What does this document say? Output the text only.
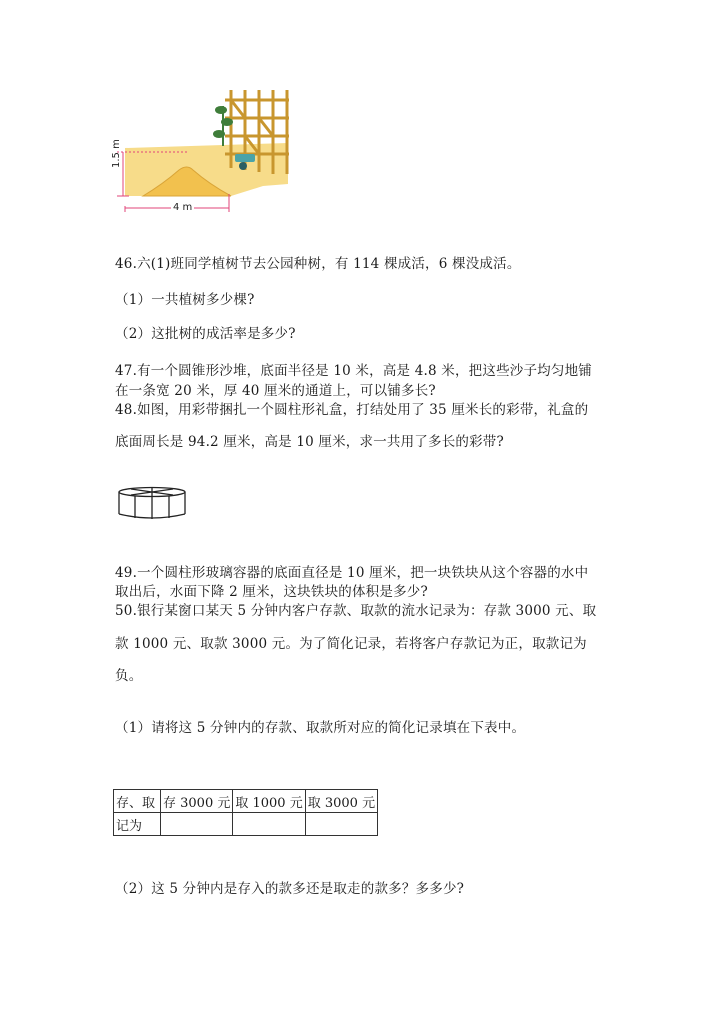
1.5 m
4 m
46.六(1)班同学植树节去公园种树，有 114 棵成活，6 棵没成活。
（1）一共植树多少棵?
（2）这批树的成活率是多少?
47.有一个圆锥形沙堆，底面半径是 10 米，高是 4.8 米，把这些沙子均匀地铺
在一条宽 20 米，厚 40 厘米的通道上，可以铺多长?
48.如图，用彩带捆扎一个圆柱形礼盒，打结处用了 35 厘米长的彩带，礼盒的
底面周长是 94.2 厘米，高是 10 厘米，求一共用了多长的彩带?
49.一个圆柱形玻璃容器的底面直径是 10 厘米，把一块铁块从这个容器的水中
取出后，水面下降 2 厘米，这块铁块的体积是多少?
50.银行某窗口某天 5 分钟内客户存款、取款的流水记录为：存款 3000 元、取
款 1000 元、取款 3000 元。为了简化记录，若将客户存款记为正，取款记为
负。
（1）请将这 5 分钟内的存款、取款所对应的简化记录填在下表中。
存、取	存 3000 元	取 1000 元	取 3000 元
记为			
（2）这 5 分钟内是存入的款多还是取走的款多？多多少?
